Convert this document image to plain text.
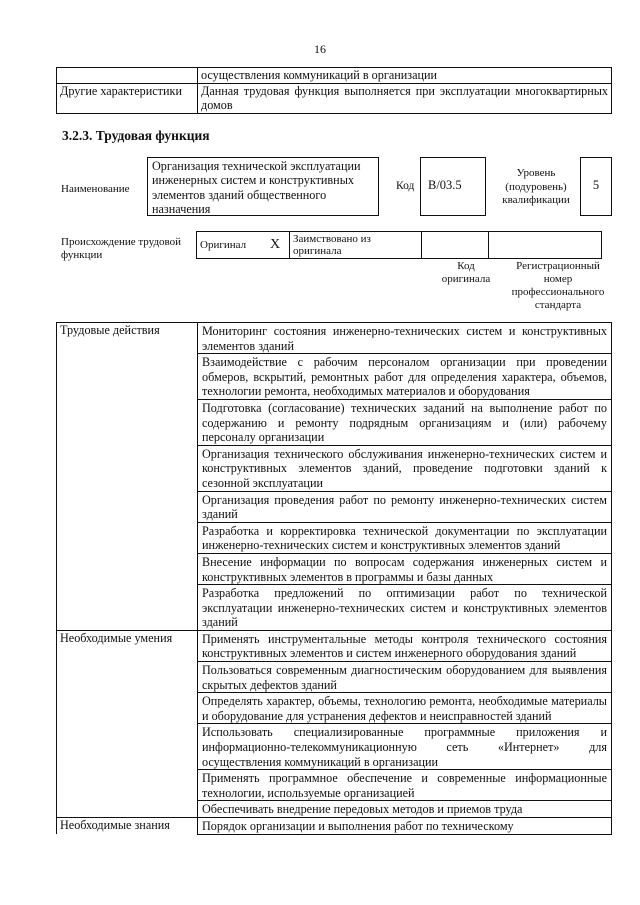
16
	осуществления коммуникаций в организации
Другие характеристики	Данная трудовая функция выполняется при эксплуатации многоквартирных домов
3.2.3. Трудовая функция
Наименование
Организация технической эксплуатации инженерных систем и конструктивных элементов зданий общественного назначения
Код	B/03.5
Уровень (подуровень) квалификации
5
Происхождение трудовой функции
Оригинал	X	Заимствовано из оригинала		
Код оригинала
Регистрационный номер профессионального стандарта
Трудовые действия	Мониторинг состояния инженерно-технических систем и конструктивных элементов зданий
	Взаимодействие с рабочим персоналом организации при проведении обмеров, вскрытий, ремонтных работ для определения характера, объемов, технологии ремонта, необходимых материалов и оборудования
	Подготовка (согласование) технических заданий на выполнение работ по содержанию и ремонту подрядным организациям и (или) рабочему персоналу организации
	Организация технического обслуживания инженерно-технических систем и конструктивных элементов зданий, проведение подготовки зданий к сезонной эксплуатации
	Организация проведения работ по ремонту инженерно-технических систем зданий
	Разработка и корректировка технической документации по эксплуатации инженерно-технических систем и конструктивных элементов зданий
	Внесение информации по вопросам содержания инженерных систем и конструктивных элементов в программы и базы данных
	Разработка предложений по оптимизации работ по технической эксплуатации инженерно-технических систем и конструктивных элементов зданий
Необходимые умения	Применять инструментальные методы контроля технического состояния конструктивных элементов и систем инженерного оборудования зданий
	Пользоваться современным диагностическим оборудованием для выявления скрытых дефектов зданий
	Определять характер, объемы, технологию ремонта, необходимые материалы и оборудование для устранения дефектов и неисправностей зданий
	Использовать специализированные программные приложения и информационно-телекоммуникационную сеть «Интернет» для осуществления коммуникаций в организации
	Применять программное обеспечение и современные информационные технологии, используемые организацией
	Обеспечивать внедрение передовых методов и приемов труда
Необходимые знания	Порядок организации и выполнения работ по техническому
